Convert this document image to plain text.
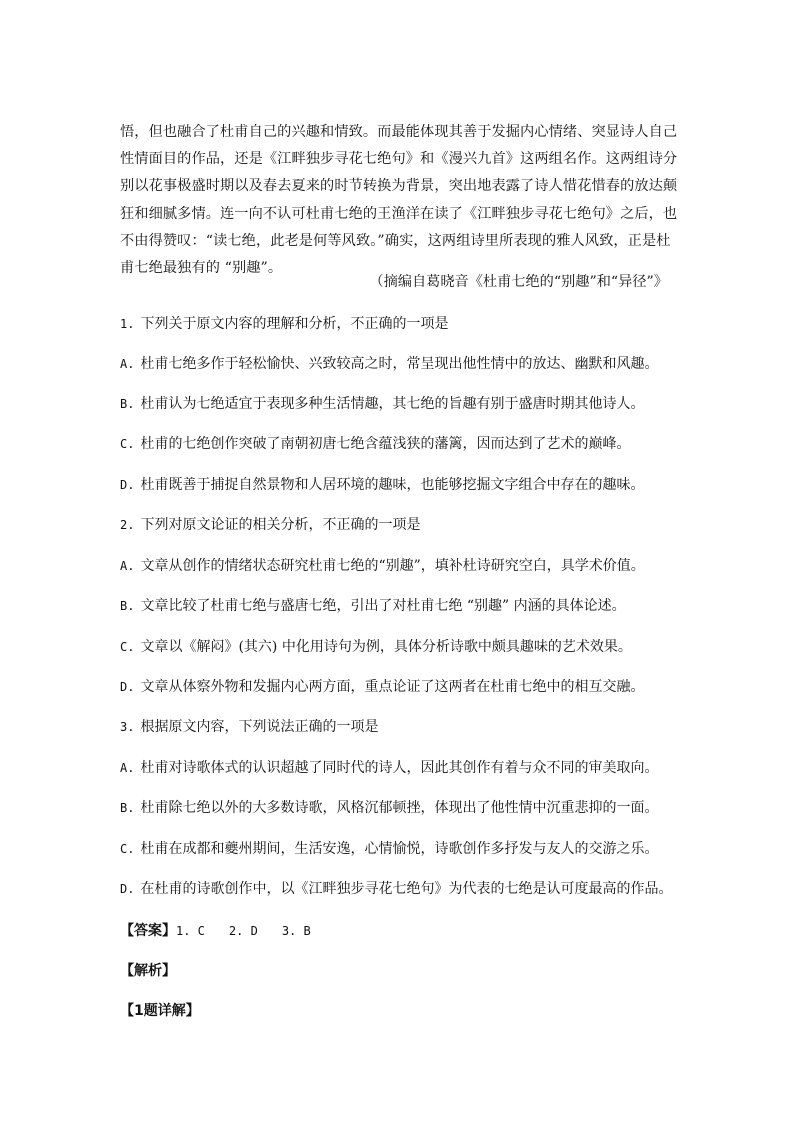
悟，但也融合了杜甫自己的兴趣和情致。而最能体现其善于发掘内心情绪、突显诗人自己
性情面目的作品，还是《江畔独步寻花七绝句》和《漫兴九首》这两组名作。这两组诗分
别以花事极盛时期以及春去夏来的时节转换为背景，突出地表露了诗人惜花惜春的放达颠
狂和细腻多情。连一向不认可杜甫七绝的王渔洋在读了《江畔独步寻花七绝句》之后，也
不由得赞叹：“读七绝，此老是何等风致。”确实，这两组诗里所表现的雅人风致，正是杜
甫七绝最独有的 “别趣”。
（摘编自葛晓音《杜甫七绝的“别趣”和“异径”》
1. 下列关于原文内容的理解和分析，不正确的一项是
A. 杜甫七绝多作于轻松愉快、兴致较高之时，常呈现出他性情中的放达、幽默和风趣。
B. 杜甫认为七绝适宜于表现多种生活情趣，其七绝的旨趣有别于盛唐时期其他诗人。
C. 杜甫的七绝创作突破了南朝初唐七绝含蕴浅狭的藩篱，因而达到了艺术的巅峰。
D. 杜甫既善于捕捉自然景物和人居环境的趣味，也能够挖掘文字组合中存在的趣味。
2. 下列对原文论证的相关分析，不正确的一项是
A. 文章从创作的情绪状态研究杜甫七绝的“别趣”，填补杜诗研究空白，具学术价值。
B. 文章比较了杜甫七绝与盛唐七绝，引出了对杜甫七绝 “别趣” 内涵的具体论述。
C. 文章以《解闷》(其六) 中化用诗句为例，具体分析诗歌中颇具趣味的艺术效果。
D. 文章从体察外物和发掘内心两方面，重点论证了这两者在杜甫七绝中的相互交融。
3. 根据原文内容，下列说法正确的一项是
A. 杜甫对诗歌体式的认识超越了同时代的诗人，因此其创作有着与众不同的审美取向。
B. 杜甫除七绝以外的大多数诗歌，风格沉郁顿挫，体现出了他性情中沉重悲抑的一面。
C. 杜甫在成都和夔州期间，生活安逸，心情愉悦，诗歌创作多抒发与友人的交游之乐。
D. 在杜甫的诗歌创作中，以《江畔独步寻花七绝句》为代表的七绝是认可度最高的作品。
【答案】1. C 2. D 3. B
【解析】
【1题详解】
